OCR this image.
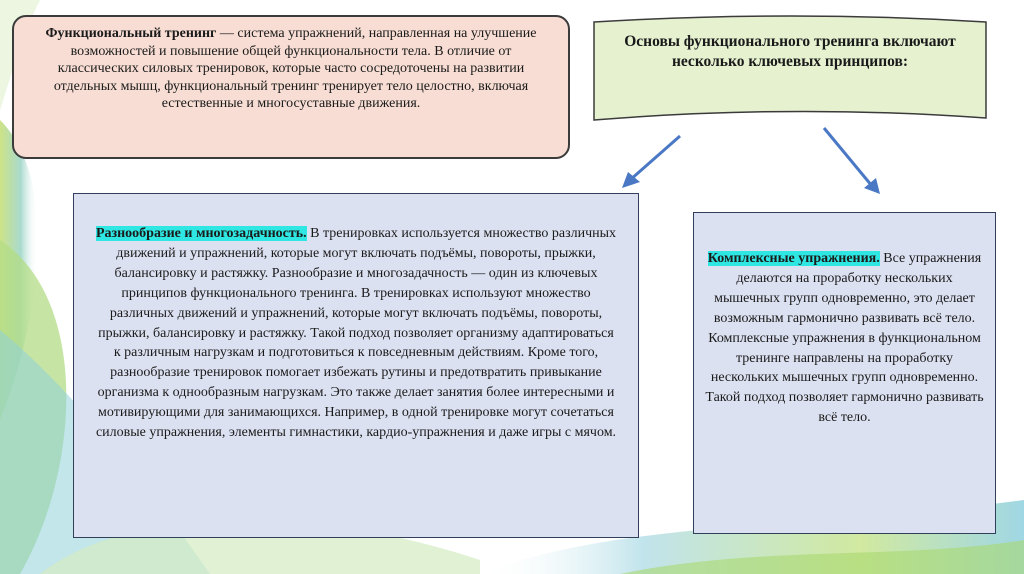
Функциональный тренинг — система упражнений, направленная на улучшение возможностей и повышение общей функциональности тела. В отличие от классических силовых тренировок, которые часто сосредоточены на развитии отдельных мышц, функциональный тренинг тренирует тело целостно, включая естественные и многосуставные движения.
Основы функционального тренинга включают несколько ключевых принципов:
Разнообразие и многозадачность. В тренировках используется множество различных движений и упражнений, которые могут включать подъёмы, повороты, прыжки, балансировку и растяжку. Разнообразие и многозадачность — один из ключевых принципов функционального тренинга. В тренировках используют множество различных движений и упражнений, которые могут включать подъёмы, повороты, прыжки, балансировку и растяжку. Такой подход позволяет организму адаптироваться к различным нагрузкам и подготовиться к повседневным действиям. Кроме того, разнообразие тренировок помогает избежать рутины и предотвратить привыкание организма к однообразным нагрузкам. Это также делает занятия более интересными и мотивирующими для занимающихся. Например, в одной тренировке могут сочетаться силовые упражнения, элементы гимнастики, кардио-упражнения и даже игры с мячом.
Комплексные упражнения. Все упражнения делаются на проработку нескольких мышечных групп одновременно, это делает возможным гармонично развивать всё тело. Комплексные упражнения в функциональном тренинге направлены на проработку нескольких мышечных групп одновременно. Такой подход позволяет гармонично развивать всё тело.
